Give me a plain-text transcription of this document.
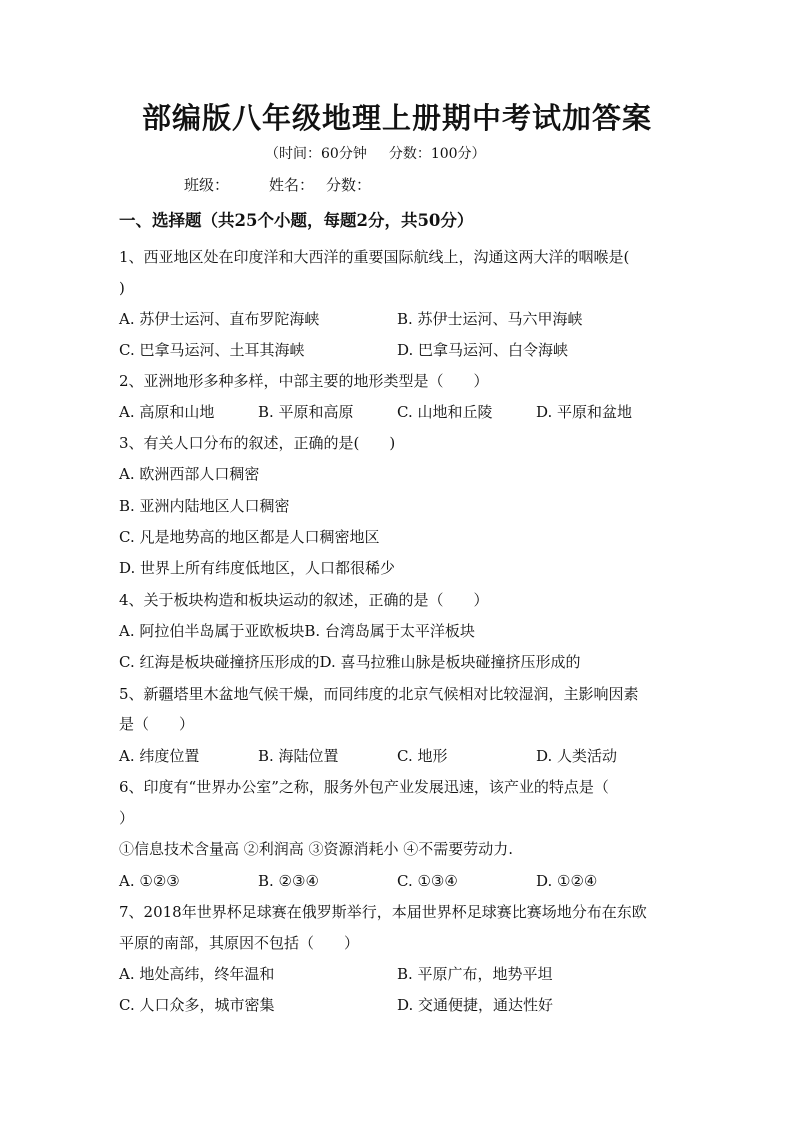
部编版八年级地理上册期中考试加答案
（时间：60分钟 分数：100分）
班级：	姓名： 分数：
一、选择题（共25个小题，每题2分，共50分）
1、西亚地区处在印度洋和大西洋的重要国际航线上，沟通这两大洋的咽喉是(
)
A. 苏伊士运河、直布罗陀海峡	B. 苏伊士运河、马六甲海峡
C. 巴拿马运河、土耳其海峡	D. 巴拿马运河、白令海峡
2、亚洲地形多种多样，中部主要的地形类型是（　　）
A. 高原和山地	B. 平原和高原	C. 山地和丘陵	D. 平原和盆地
3、有关人口分布的叙述，正确的是(　　)
A. 欧洲西部人口稠密
B. 亚洲内陆地区人口稠密
C. 凡是地势高的地区都是人口稠密地区
D. 世界上所有纬度低地区，人口都很稀少
4、关于板块构造和板块运动的叙述，正确的是（　　）
A. 阿拉伯半岛属于亚欧板块B. 台湾岛属于太平洋板块
C. 红海是板块碰撞挤压形成的D. 喜马拉雅山脉是板块碰撞挤压形成的
5、新疆塔里木盆地气候干燥，而同纬度的北京气候相对比较湿润，主影响因素
是（　　）
A. 纬度位置	B. 海陆位置	C. 地形	D. 人类活动
6、印度有“世界办公室”之称，服务外包产业发展迅速，该产业的特点是（
）
①信息技术含量高 ②利润高 ③资源消耗小 ④不需要劳动力.
A. ①②③	B. ②③④	C. ①③④	D. ①②④
7、2018年世界杯足球赛在俄罗斯举行，本届世界杯足球赛比赛场地分布在东欧
平原的南部，其原因不包括（　　）
A. 地处高纬，终年温和	B. 平原广布，地势平坦
C. 人口众多，城市密集	D. 交通便捷，通达性好
